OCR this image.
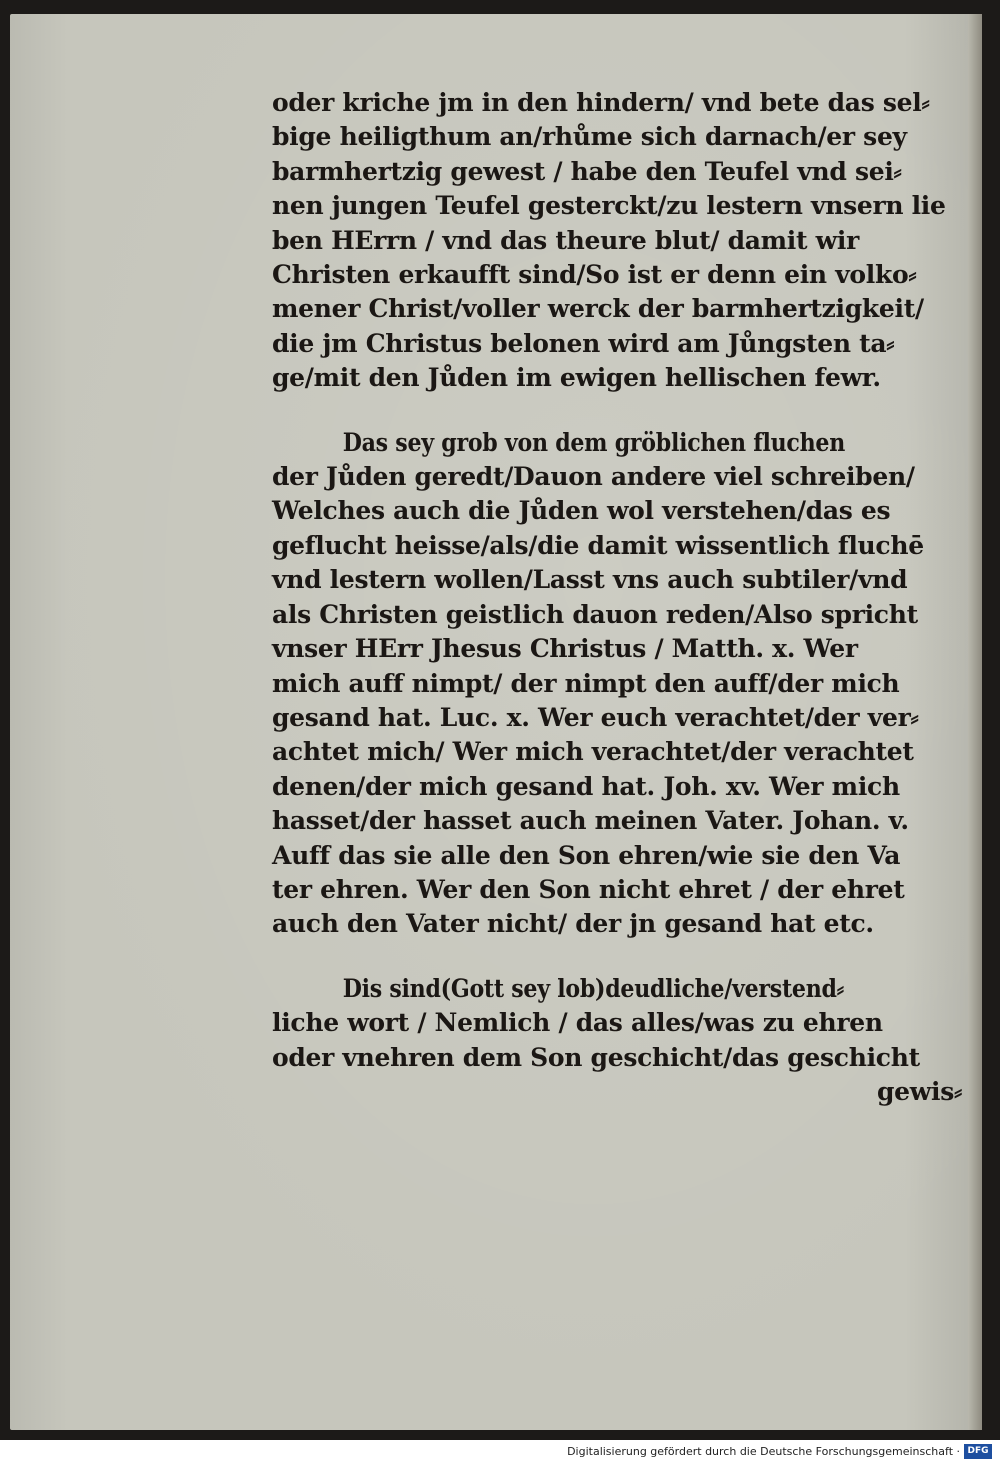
oder kriche jm in den hindern/ vnd bete das sel⸗
bige heiligthum an/rhůme sich darnach/er sey
barmhertzig gewest / habe den Teufel vnd sei⸗
nen jungen Teufel gesterckt/zu lestern vnsern lie
ben HErrn / vnd das theure blut/ damit wir
Christen erkaufft sind/So ist er denn ein volko⸗
mener Christ/voller werck der barmhertzigkeit/
die jm Christus belonen wird am Jůngsten ta⸗
ge/mit den Jůden im ewigen hellischen fewr.

Das sey grob von dem gröblichen fluchen
der Jůden geredt/Dauon andere viel schreiben/
Welches auch die Jůden wol verstehen/das es
geflucht heisse/als/die damit wissentlich fluchē
vnd lestern wollen/Lasst vns auch subtiler/vnd
als Christen geistlich dauon reden/Also spricht
vnser HErr Jhesus Christus / Matth. x. Wer
mich auff nimpt/ der nimpt den auff/der mich
gesand hat. Luc. x. Wer euch verachtet/der ver⸗
achtet mich/ Wer mich verachtet/der verachtet
denen/der mich gesand hat. Joh. xv. Wer mich
hasset/der hasset auch meinen Vater. Johan. v.
Auff das sie alle den Son ehren/wie sie den Va
ter ehren. Wer den Son nicht ehret / der ehret
auch den Vater nicht/ der jn gesand hat etc.

Dis sind(Gott sey lob)deudliche/verstend⸗
liche wort / Nemlich / das alles/was zu ehren
oder vnehren dem Son geschicht/das geschicht
gewis⸗

Digitalisierung gefördert durch die Deutsche Forschungsgemeinschaft · DFG
